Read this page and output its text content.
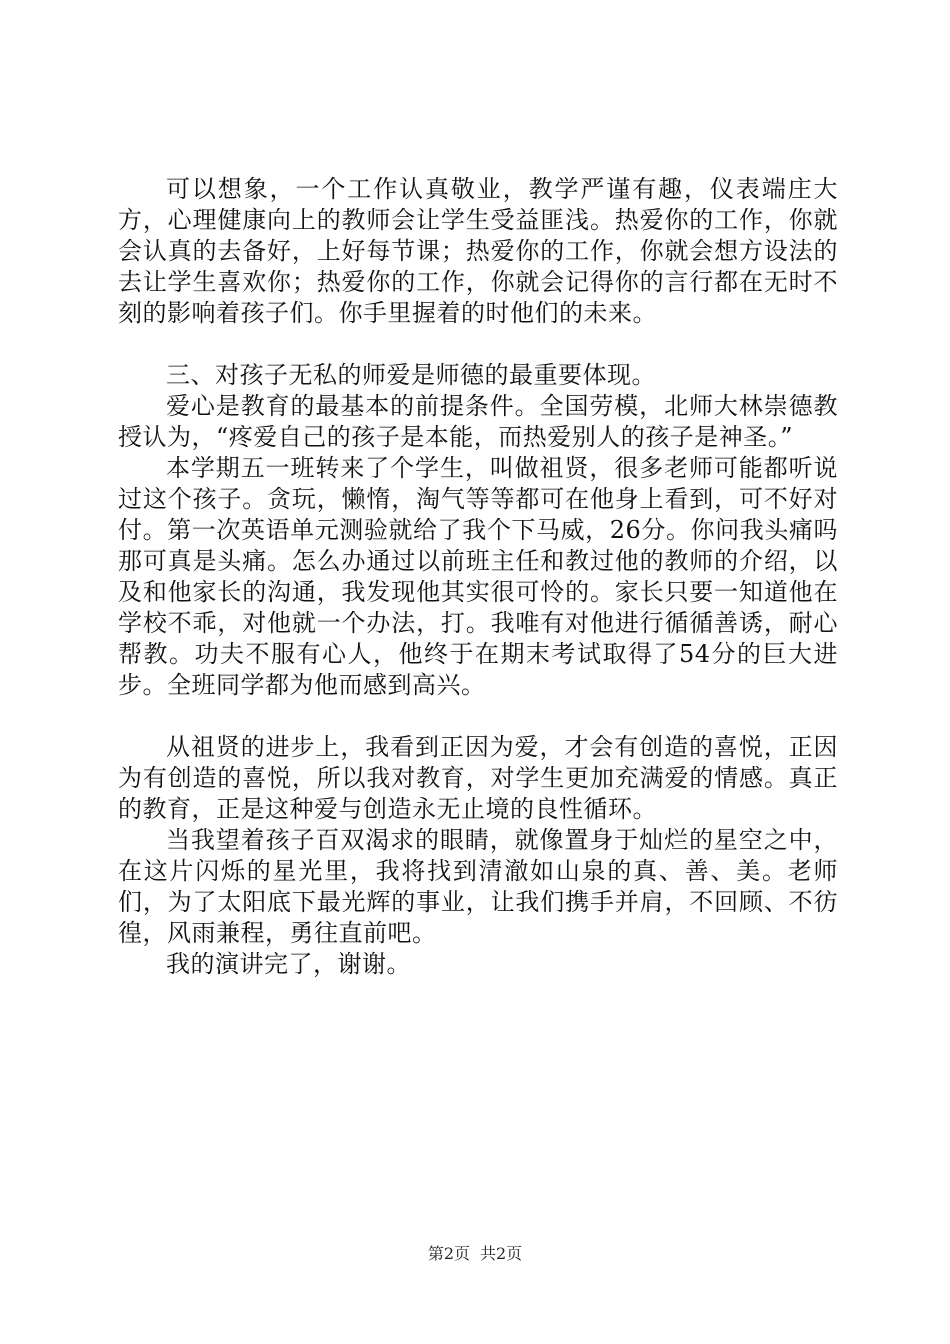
可以想象，一个工作认真敬业，教学严谨有趣，仪表端庄大方，心理健康向上的教师会让学生受益匪浅。热爱你的工作，你就会认真的去备好，上好每节课；热爱你的工作，你就会想方设法的去让学生喜欢你；热爱你的工作，你就会记得你的言行都在无时不刻的影响着孩子们。你手里握着的时他们的未来。

三、对孩子无私的师爱是师德的最重要体现。

爱心是教育的最基本的前提条件。全国劳模，北师大林崇德教授认为，“疼爱自己的孩子是本能，而热爱别人的孩子是神圣。”

本学期五一班转来了个学生，叫做祖贤，很多老师可能都听说过这个孩子。贪玩，懒惰，淘气等等都可在他身上看到，可不好对付。第一次英语单元测验就给了我个下马威，26分。你问我头痛吗那可真是头痛。怎么办通过以前班主任和教过他的教师的介绍，以及和他家长的沟通，我发现他其实很可怜的。家长只要一知道他在学校不乖，对他就一个办法，打。我唯有对他进行循循善诱，耐心帮教。功夫不服有心人，他终于在期末考试取得了54分的巨大进步。全班同学都为他而感到高兴。

从祖贤的进步上，我看到正因为爱，才会有创造的喜悦，正因为有创造的喜悦，所以我对教育，对学生更加充满爱的情感。真正的教育，正是这种爱与创造永无止境的良性循环。

当我望着孩子百双渴求的眼睛，就像置身于灿烂的星空之中，在这片闪烁的星光里，我将找到清澈如山泉的真、善、美。老师们，为了太阳底下最光辉的事业，让我们携手并肩，不回顾、不彷徨，风雨兼程，勇往直前吧。

我的演讲完了，谢谢。

第2页 共2页
